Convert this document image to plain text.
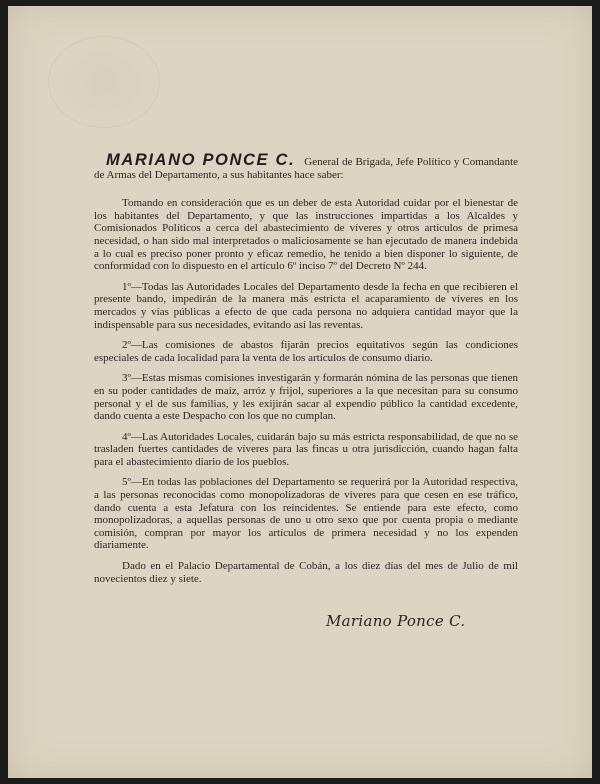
MARIANO PONCE C. General de Brigada, Jefe Político y Comandante de Armas del Departamento, a sus habitantes hace saber:

Tomando en consideración que es un deber de esta Autoridad cuidar por el bienestar de los habitantes del Departamento, y que las instrucciones impartidas a los Alcaldes y Comisionados Políticos a cerca del abastecimiento de víveres y otros artículos de primesa necesidad, o han sido mal interpretados o maliciosamente se han ejecutado de manera indebida a lo cual es preciso poner pronto y eficaz remedio, he tenido a bien disponer lo siguiente, de conformidad con lo dispuesto en el artículo 6º inciso 7º del Decreto Nº 244.

1º—Todas las Autoridades Locales del Departamento desde la fecha en que recibieren el presente bando, impedirán de la manera más estricta el acaparamiento de víveres en los mercados y vías públicas a efecto de que cada persona no adquiera cantidad mayor que la indispensable para sus necesidades, evitando así las reventas.

2º—Las comisiones de abastos fijarán precios equitativos según las condiciones especiales de cada localidad para la venta de los artículos de consumo diario.

3º—Estas mismas comisiones investigarán y formarán nómina de las personas que tienen en su poder cantidades de maíz, arróz y frijol, superiores a la que necesitan para su consumo personal y el de sus familias, y les exijirán sacar al expendio público la cantidad excedente, dando cuenta a este Despacho con los que no cumplan.

4º—Las Autoridades Locales, cuidarán bajo su más estricta responsabilidad, de que no se trasladen fuertes cantidades de víveres para las fincas u otra jurisdicción, cuando hagan falta para el abastecimiento diario de los pueblos.

5º—En todas las poblaciones del Departamento se requerirá por la Autoridad respectiva, a las personas reconocidas como monopolizadoras de víveres para que cesen en ese tráfico, dando cuenta a esta Jefatura con los reincidentes. Se entiende para este efecto, como monopolizadoras, a aquellas personas de uno u otro sexo que por cuenta propia o mediante comisión, compran por mayor los artículos de primera necesidad y no los expenden diariamente.

Dado en el Palacio Departamental de Cobán, a los diez días del mes de Julio de mil novecientos diez y siete.

Mariano Ponce C.
